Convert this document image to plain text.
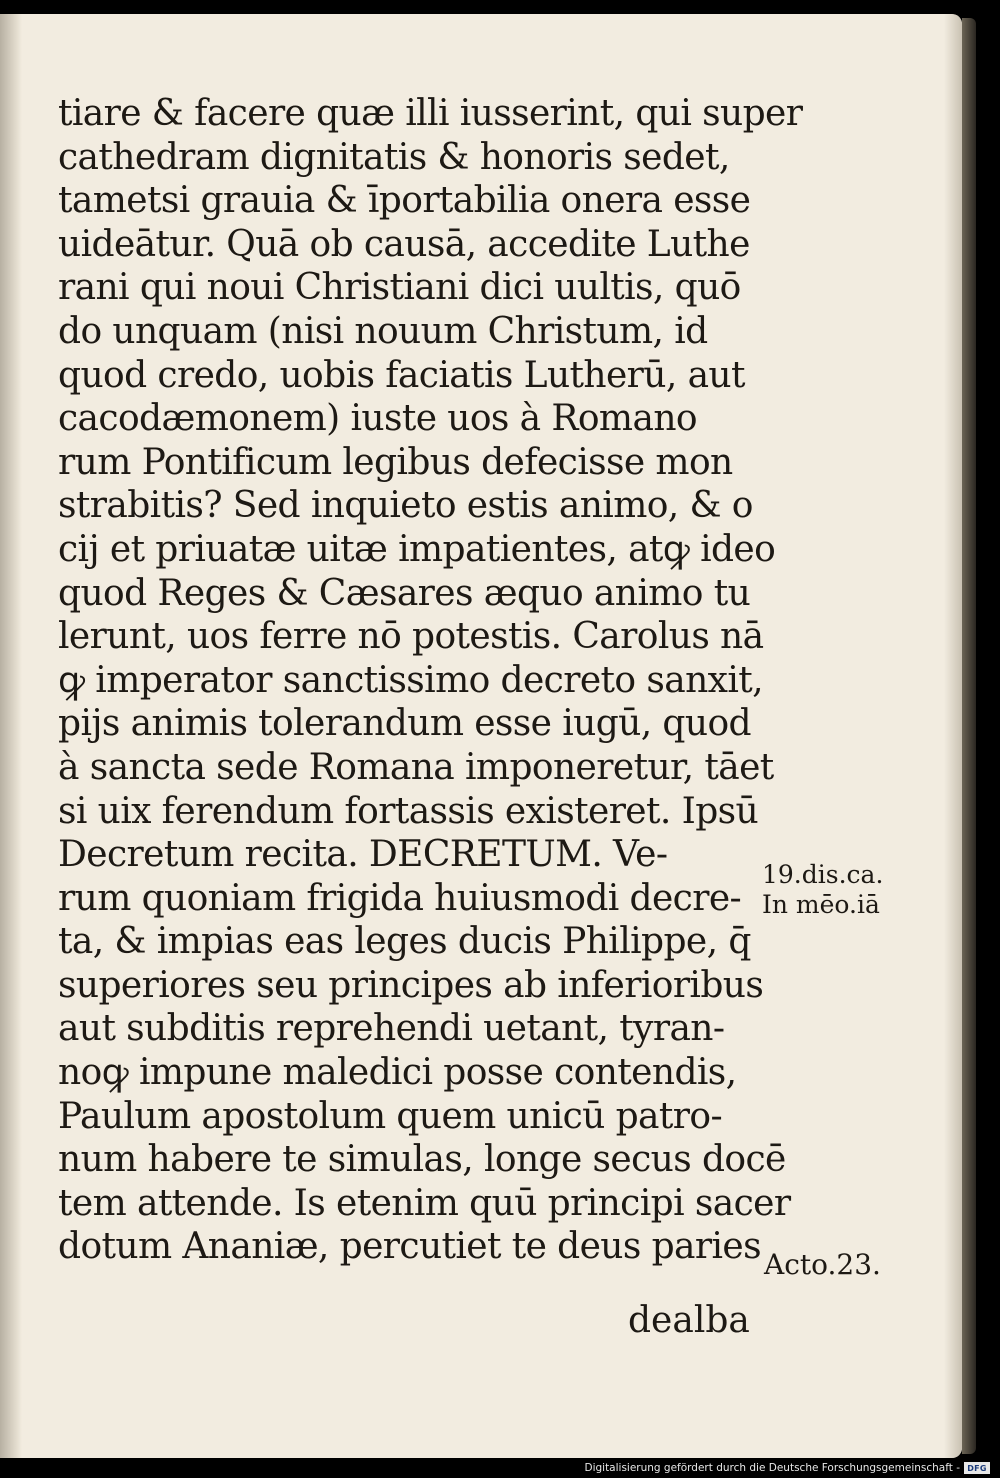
tiare & facere quæ illi iusserint, qui super
cathedram dignitatis & honoris sedet,
tametsi grauia & īportabilia onera esse
uideātur. Quā ob causā, accedite Luthe
rani qui noui Christiani dici uultis, quō
do unquam (nisi nouum Christum, id
quod credo, uobis faciatis Lutherū, aut
cacodæmonem) iuste uos à Romano
rum Pontificum legibus defecisse mon
strabitis? Sed inquieto estis animo, & o
cij et priuatæ uitæ impatientes, atꝙ ideo
quod Reges & Cæsares æquo animo tu
lerunt, uos ferre nō potestis. Carolus nā
ꝙ imperator sanctissimo decreto sanxit,
pijs animis tolerandum esse iugū, quod
à sancta sede Romana imponeretur, tāet
si uix ferendum fortassis existeret. Ipsū
Decretum recita. DECRETUM. Ve-
rum quoniam frigida huiusmodi decre-
ta, & impias eas leges ducis Philippe, q̄
superiores seu principes ab inferioribus
aut subditis reprehendi uetant, tyran-
noꝙ impune maledici posse contendis,
Paulum apostolum quem unicū patro-
num habere te simulas, longe secus docē
tem attende. Is etenim quū principi sacer
dotum Ananiæ, percutiet te deus paries
dealba
19.dis.ca.
In mēo.iā
Acto.23.
Digitalisierung gefördert durch die Deutsche Forschungsgemeinschaft - DFG
